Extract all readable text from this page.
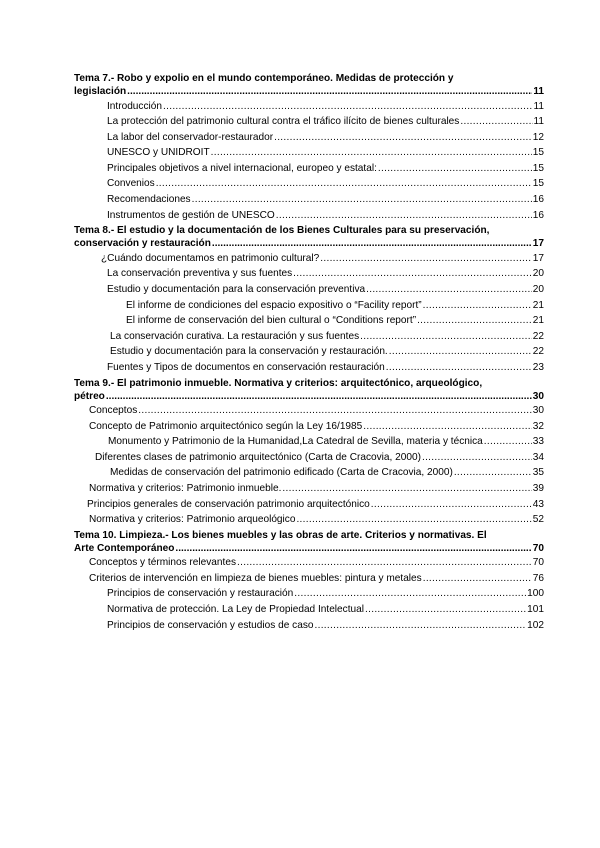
Tema 7.- Robo y expolio en el mundo contemporáneo. Medidas de protección y
legislación .....	11
Introducción .....	11
La protección del patrimonio cultural contra el tráfico ilícito de bienes culturales .....	11
La labor del conservador-restaurador .....	12
UNESCO y UNIDROIT .....	15
Principales objetivos a nivel internacional, europeo y estatal: .....	15
Convenios .....	15
Recomendaciones .....	16
Instrumentos de gestión de UNESCO .....	16
Tema 8.- El estudio y la documentación de los Bienes Culturales para su preservación,
conservación y restauración .....	17
¿Cuándo documentamos en patrimonio cultural? .....	17
La conservación preventiva y sus fuentes .....	20
Estudio y documentación para la conservación preventiva .....	20
El informe de condiciones del espacio expositivo o “Facility report” .....	21
El informe de conservación del bien cultural o “Conditions report” .....	21
La conservación curativa. La restauración y sus fuentes .....	22
Estudio y documentación para la conservación y restauración. .....	22
Fuentes y Tipos de documentos en conservación restauración .....	23
Tema 9.- El patrimonio inmueble. Normativa y criterios: arquitectónico, arqueológico,
pétreo .....	30
Conceptos .....	30
Concepto de Patrimonio arquitectónico según la Ley 16/1985 .....	32
Monumento y Patrimonio de la Humanidad,La Catedral de Sevilla, materia y técnica .....	33
Diferentes clases de patrimonio arquitectónico (Carta de Cracovia, 2000) .....	34
Medidas de conservación del patrimonio edificado (Carta de Cracovia, 2000) .....	35
Normativa y criterios: Patrimonio inmueble. .....	39
Principios generales de conservación patrimonio arquitectónico .....	43
Normativa y criterios: Patrimonio arqueológico .....	52
Tema 10. Limpieza.- Los bienes muebles y las obras de arte. Criterios y normativas. El
Arte Contemporáneo .....	70
Conceptos y términos relevantes .....	70
Criterios de intervención en limpieza de bienes muebles: pintura y metales .....	76
Principios de conservación y restauración .....	100
Normativa de protección. La Ley de Propiedad Intelectual .....	101
Principios de conservación y estudios de caso .....	102
